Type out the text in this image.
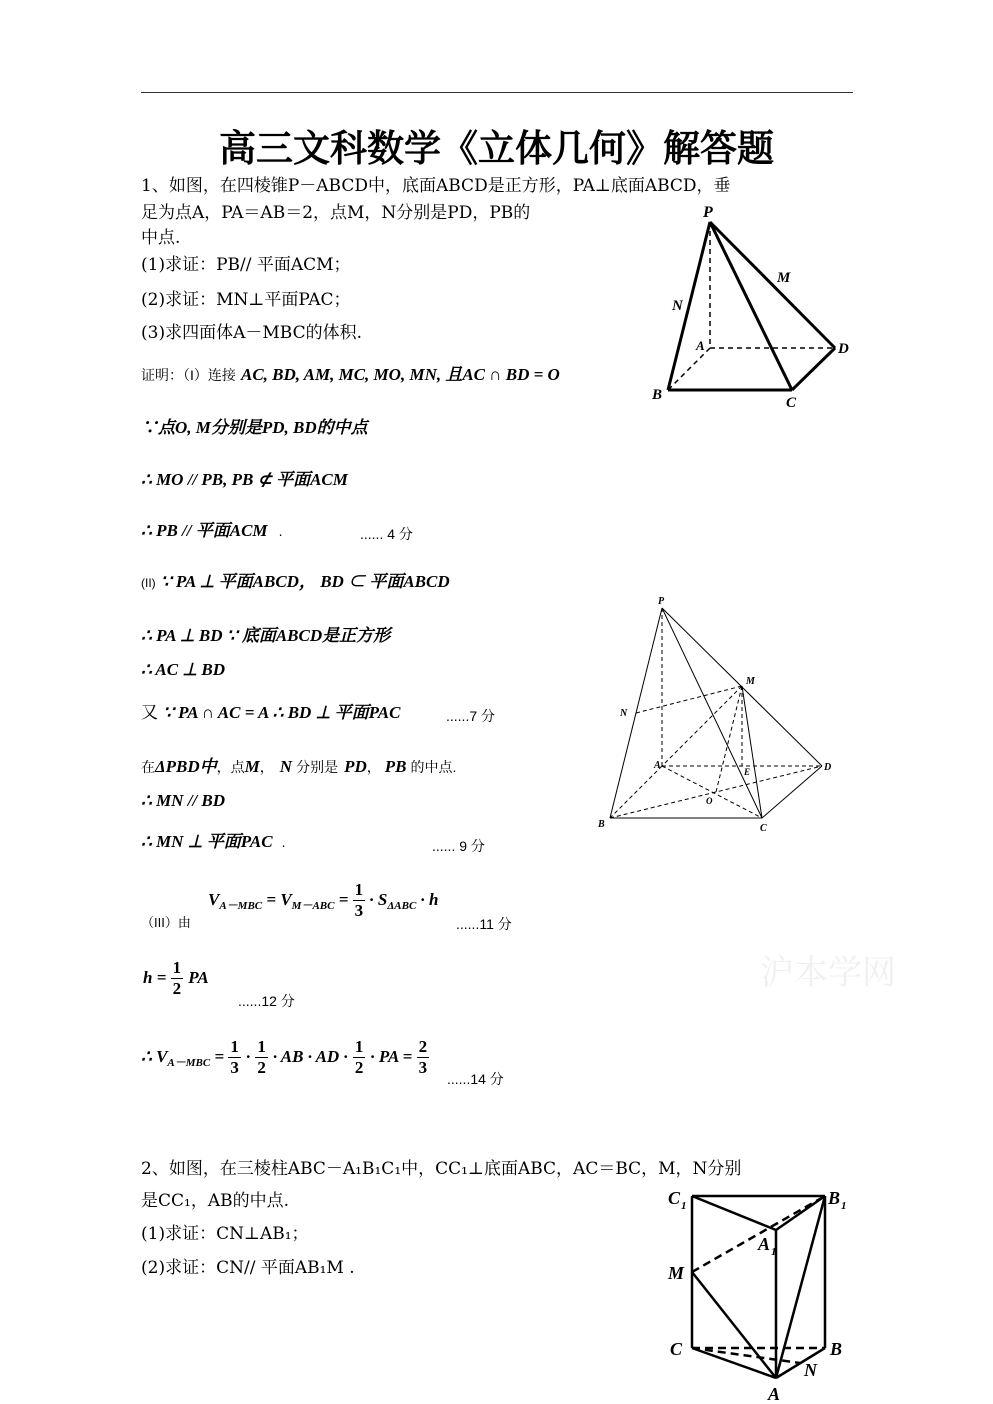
高三文科数学《立体几何》解答题
1、如图，在四棱锥P－ABCD中，底面ABCD是正方形，PA⊥底面ABCD，垂
足为点A，PA＝AB＝2，点M，N分别是PD，PB的
中点.
(1)求证：PB// 平面ACM；
(2)求证：MN⊥平面PAC；
(3)求四面体A－MBC的体积.
证明：（I）连接 AC, BD, AM, MC, MO, MN, 且AC ∩ BD = O
∵点O, M分别是PD, BD的中点
∴ MO // PB, PB ⊄ 平面ACM
∴ PB // 平面ACM .	...... 4 分
(II) ∵ PA ⊥ 平面ABCD， BD ⊂ 平面ABCD
∴ PA ⊥ BD ∵ 底面ABCD是正方形
∴ AC ⊥ BD
又 ∵ PA ∩ AC = A ∴ BD ⊥ 平面PAC	......7 分
在ΔPBD中，点M， N 分别是 PD， PB 的中点.
∴ MN // BD
∴ MN ⊥ 平面PAC .	...... 9 分
（III）由
$V_{A-MBC} = V_{M-ABC} = \frac{1}{3} \cdot S_{\Delta ABC} \cdot h$
......11 分
$h = \frac{1}{2}$ PA
......12 分
∴ $V_{A-MBC} = \frac{1}{3} \cdot \frac{1}{2}$ · AB · AD · $\frac{1}{2}$ · PA = $\frac{2}{3}$
......14 分
2、如图，在三棱柱ABC－A₁B₁C₁中，CC₁⊥底面ABC，AC＝BC，M，N分别
是CC₁，AB的中点.
(1)求证：CN⊥AB₁；
(2)求证：CN// 平面AB₁M .
沪本学网
P
M
N
A	D
B	C
P
M
N
A
E	D
O
B	C
C 1	B 1
A 1
M
C	B
N
A
